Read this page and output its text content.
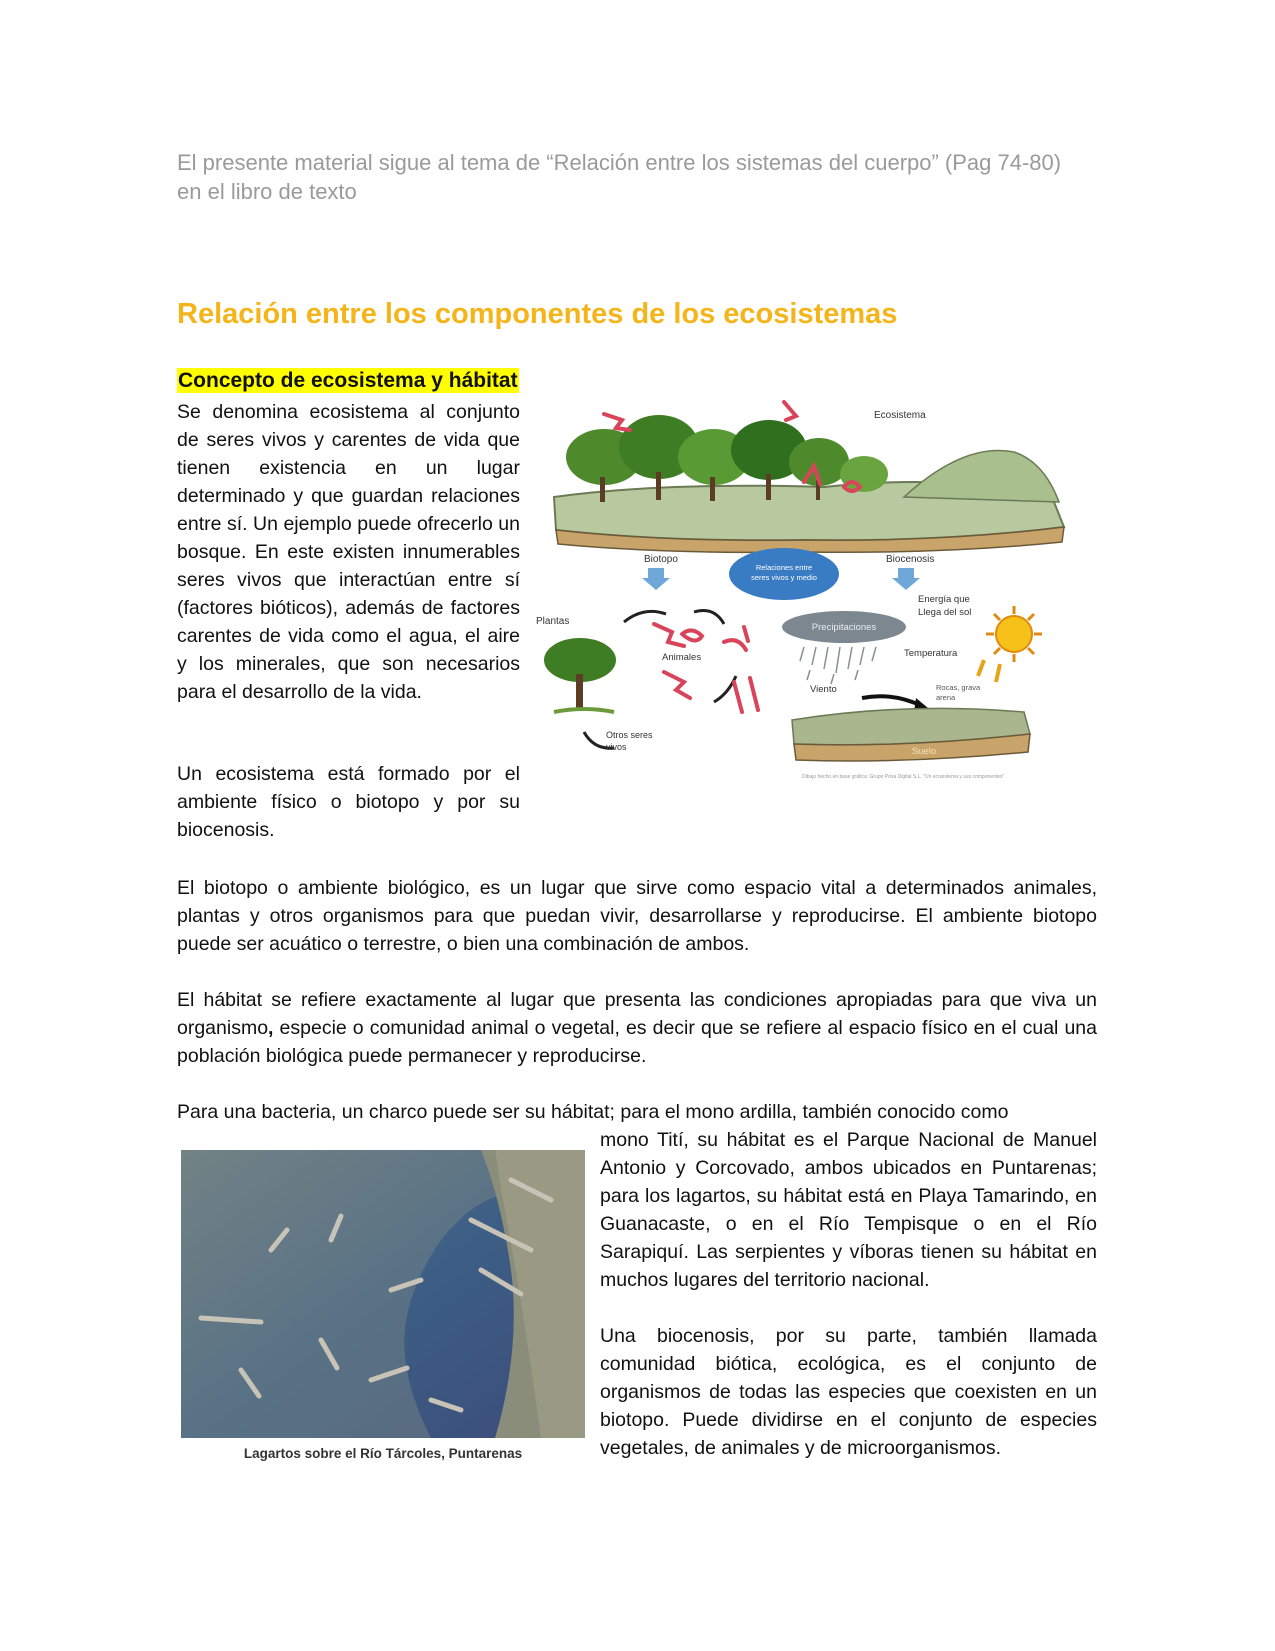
El presente material sigue al tema de “Relación entre los sistemas del cuerpo” (Pag 74-80)
en el libro de texto
Relación entre los componentes de los ecosistemas
Concepto de ecosistema y hábitat

Se denomina ecosistema al conjunto de seres vivos y carentes de vida que tienen existencia en un lugar determinado y que guardan relaciones entre sí. Un ejemplo puede ofrecerlo un bosque. En este existen innumerables seres vivos que interactúan entre sí (factores bióticos), además de factores carentes de vida como el agua, el aire y los minerales, que son necesarios para el desarrollo de la vida.

Un ecosistema está formado por el ambiente físico o biotopo y por su biocenosis.

Ecosistema
Biotopo	Biocenosis
Relaciones entre
seres vivos y medio
Plantas
Animales
Otros seres
vivos
Precipitaciones
Energía que
Llega del sol
Temperatura
Viento	Rocas, grava
arena
Suelo
Dibujo hecho en base gráfica: Grupo Prisa Digital S.L. "Un ecosistema y sus componentes"

El biotopo o ambiente biológico, es un lugar que sirve como espacio vital a determinados animales, plantas y otros organismos para que puedan vivir, desarrollarse y reproducirse. El ambiente biotopo puede ser acuático o terrestre, o bien una combinación de ambos.

El hábitat se refiere exactamente al lugar que presenta las condiciones apropiadas para que viva un organismo, especie o comunidad animal o vegetal, es decir que se refiere al espacio físico en el cual una población biológica puede permanecer y reproducirse.

Para una bacteria, un charco puede ser su hábitat; para el mono ardilla, también conocido como

Lagartos sobre el Río Tárcoles, Puntarenas

mono Tití, su hábitat es el Parque Nacional de Manuel Antonio y Corcovado, ambos ubicados en Puntarenas; para los lagartos, su hábitat está en Playa Tamarindo, en Guanacaste, o en el Río Tempisque o en el Río Sarapiquí. Las serpientes y víboras tienen su hábitat en muchos lugares del territorio nacional.

Una biocenosis, por su parte, también llamada comunidad biótica, ecológica, es el conjunto de organismos de todas las especies que coexisten en un biotopo. Puede dividirse en el conjunto de especies vegetales, de animales y de microorganismos.
